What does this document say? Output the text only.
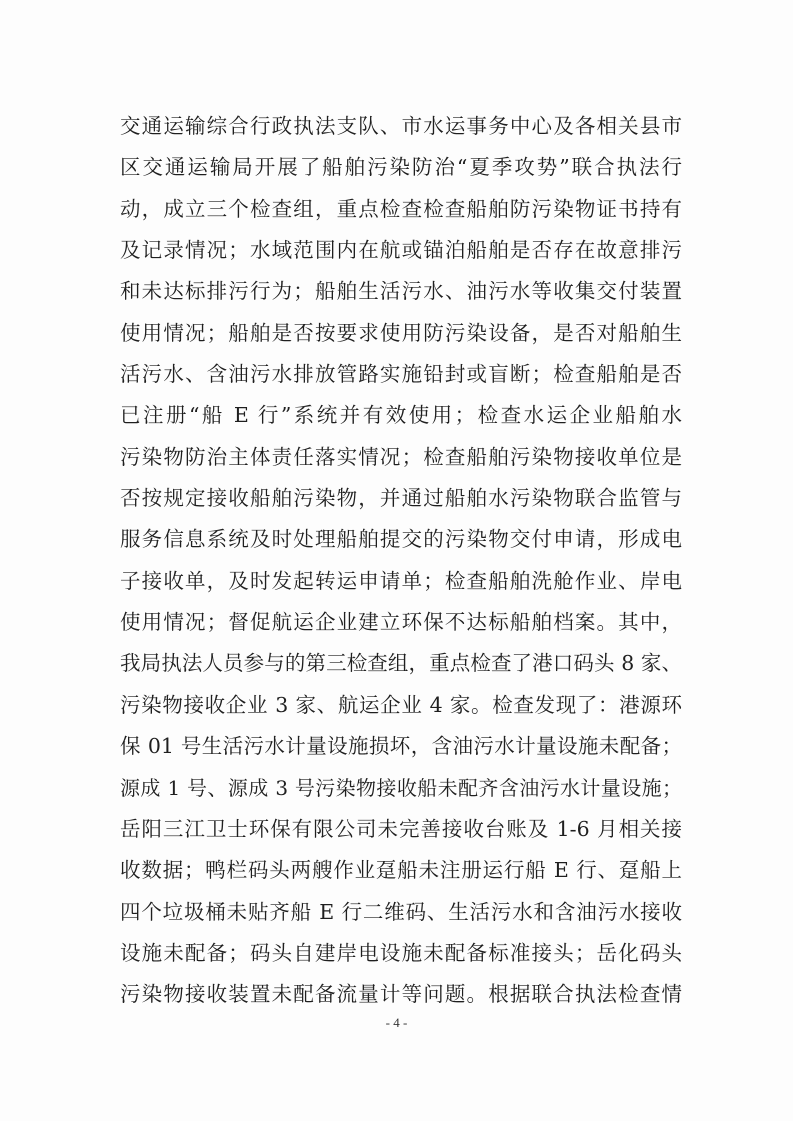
交通运输综合行政执法支队、市水运事务中心及各相关县市
区交通运输局开展了船舶污染防治“夏季攻势”联合执法行
动，成立三个检查组，重点检查检查船舶防污染物证书持有
及记录情况；水域范围内在航或锚泊船舶是否存在故意排污
和未达标排污行为；船舶生活污水、油污水等收集交付装置
使用情况；船舶是否按要求使用防污染设备，是否对船舶生
活污水、含油污水排放管路实施铅封或盲断；检查船舶是否
已注册“船 E 行”系统并有效使用；检查水运企业船舶水
污染物防治主体责任落实情况；检查船舶污染物接收单位是
否按规定接收船舶污染物，并通过船舶水污染物联合监管与
服务信息系统及时处理船舶提交的污染物交付申请，形成电
子接收单，及时发起转运申请单；检查船舶洗舱作业、岸电
使用情况；督促航运企业建立环保不达标船舶档案。其中，
我局执法人员参与的第三检查组，重点检查了港口码头 8 家、
污染物接收企业 3 家、航运企业 4 家。检查发现了：港源环
保 01 号生活污水计量设施损坏，含油污水计量设施未配备；
源成 1 号、源成 3 号污染物接收船未配齐含油污水计量设施；
岳阳三江卫士环保有限公司未完善接收台账及 1-6 月相关接
收数据；鸭栏码头两艘作业趸船未注册运行船 E 行、趸船上
四个垃圾桶未贴齐船 E 行二维码、生活污水和含油污水接收
设施未配备；码头自建岸电设施未配备标准接头；岳化码头
污染物接收装置未配备流量计等问题。根据联合执法检查情
- 4 -
